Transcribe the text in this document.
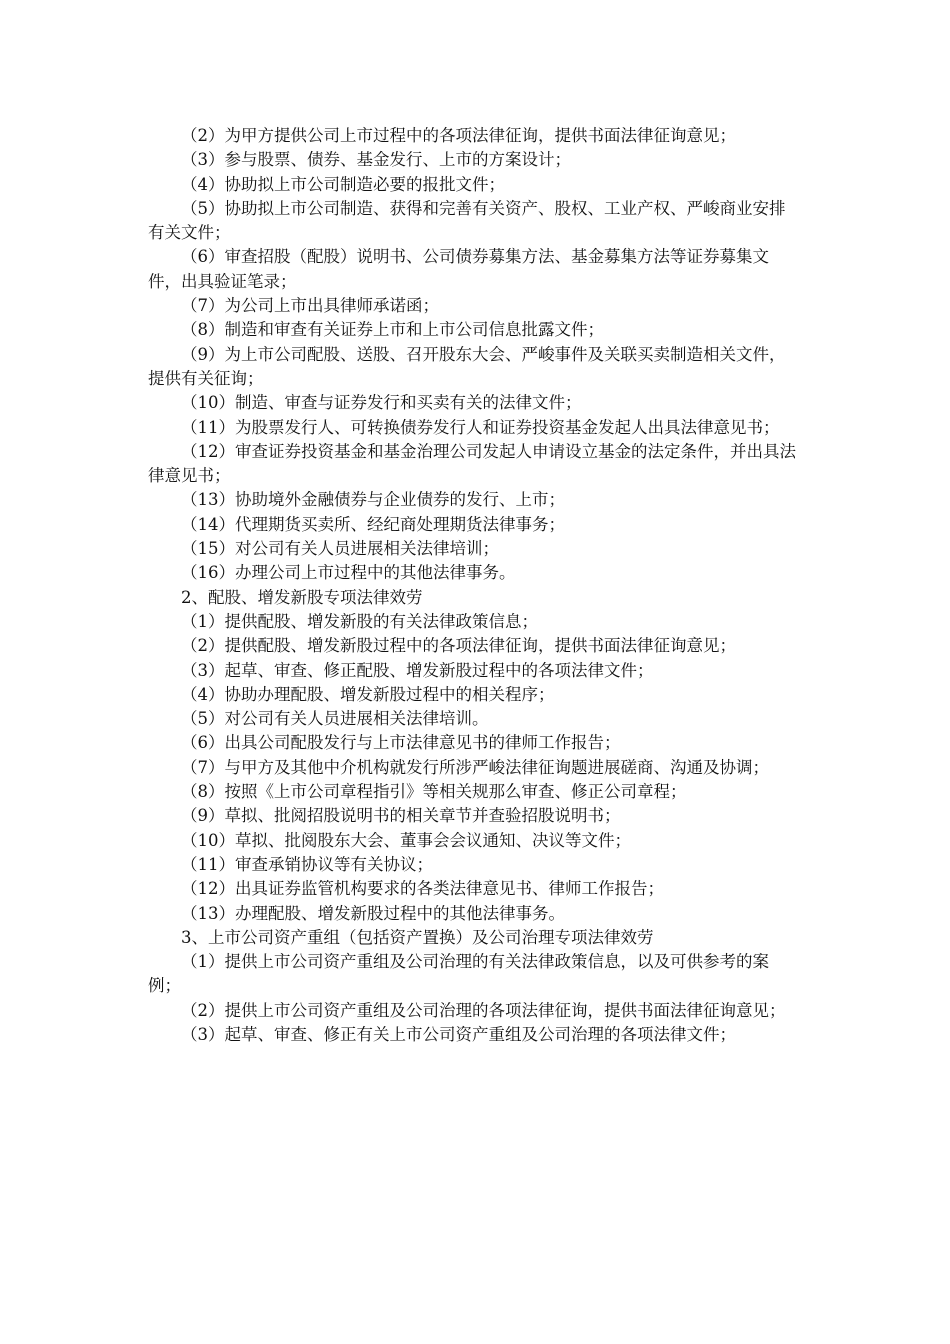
（2）为甲方提供公司上市过程中的各项法律征询，提供书面法律征询意见；

（3）参与股票、债券、基金发行、上市的方案设计；

（4）协助拟上市公司制造必要的报批文件；

（5）协助拟上市公司制造、获得和完善有关资产、股权、工业产权、严峻商业安排有关文件；

（6）审查招股（配股）说明书、公司债券募集方法、基金募集方法等证券募集文件，出具验证笔录；

（7）为公司上市出具律师承诺函；

（8）制造和审查有关证券上市和上市公司信息批露文件；

（9）为上市公司配股、送股、召开股东大会、严峻事件及关联买卖制造相关文件，提供有关征询；

（10）制造、审查与证券发行和买卖有关的法律文件；

（11）为股票发行人、可转换债券发行人和证券投资基金发起人出具法律意见书；

（12）审查证券投资基金和基金治理公司发起人申请设立基金的法定条件，并出具法律意见书；

（13）协助境外金融债券与企业债券的发行、上市；

（14）代理期货买卖所、经纪商处理期货法律事务；

（15）对公司有关人员进展相关法律培训；

（16）办理公司上市过程中的其他法律事务。

2、配股、增发新股专项法律效劳

（1）提供配股、增发新股的有关法律政策信息；

（2）提供配股、增发新股过程中的各项法律征询，提供书面法律征询意见；

（3）起草、审查、修正配股、增发新股过程中的各项法律文件；

（4）协助办理配股、增发新股过程中的相关程序；

（5）对公司有关人员进展相关法律培训。

（6）出具公司配股发行与上市法律意见书的律师工作报告；

（7）与甲方及其他中介机构就发行所涉严峻法律征询题进展磋商、沟通及协调；

（8）按照《上市公司章程指引》等相关规那么审查、修正公司章程；

（9）草拟、批阅招股说明书的相关章节并查验招股说明书；

（10）草拟、批阅股东大会、董事会会议通知、决议等文件；

（11）审查承销协议等有关协议；

（12）出具证券监管机构要求的各类法律意见书、律师工作报告；

（13）办理配股、增发新股过程中的其他法律事务。

3、上市公司资产重组（包括资产置换）及公司治理专项法律效劳

（1）提供上市公司资产重组及公司治理的有关法律政策信息，以及可供参考的案例；

（2）提供上市公司资产重组及公司治理的各项法律征询，提供书面法律征询意见；

（3）起草、审查、修正有关上市公司资产重组及公司治理的各项法律文件；
